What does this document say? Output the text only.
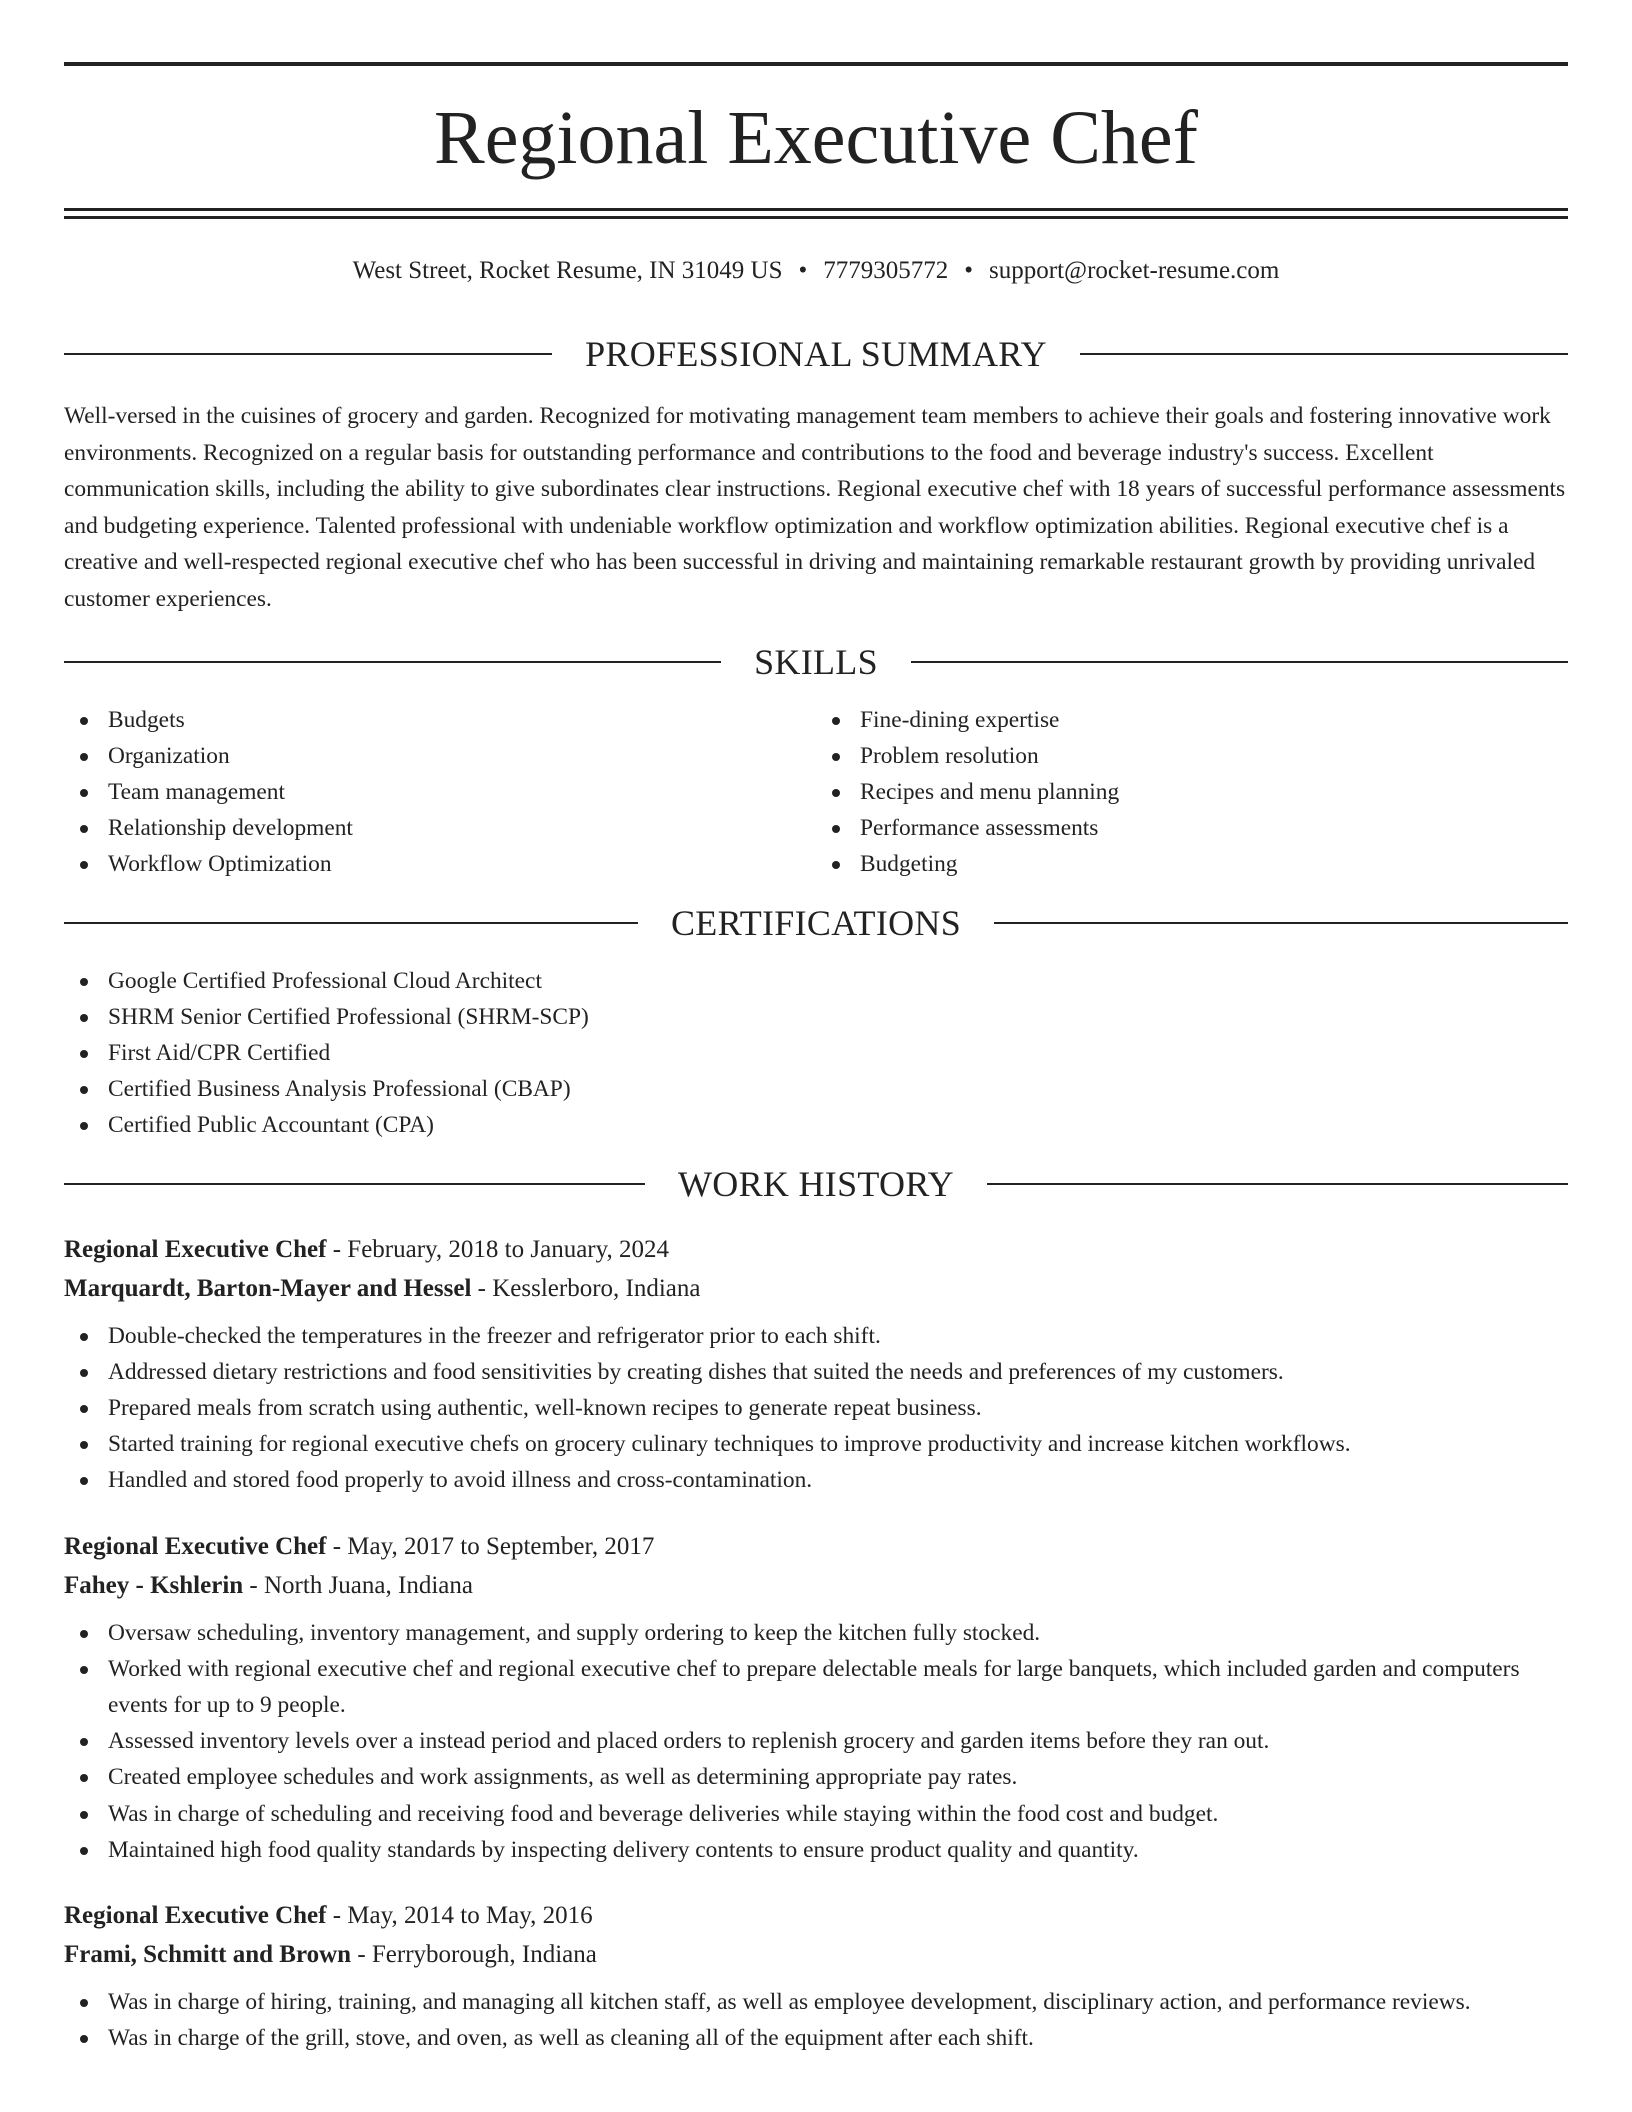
Regional Executive Chef
West Street, Rocket Resume, IN 31049 US • 7779305772 • support@rocket-resume.com
PROFESSIONAL SUMMARY

Well-versed in the cuisines of grocery and garden. Recognized for motivating management team members to achieve their goals and fostering innovative work environments. Recognized on a regular basis for outstanding performance and contributions to the food and beverage industry's success. Excellent communication skills, including the ability to give subordinates clear instructions. Regional executive chef with 18 years of successful performance assessments and budgeting experience. Talented professional with undeniable workflow optimization and workflow optimization abilities. Regional executive chef is a creative and well-respected regional executive chef who has been successful in driving and maintaining remarkable restaurant growth by providing unrivaled customer experiences.

SKILLS
Budgets
Organization
Team management
Relationship development
Workflow Optimization
Fine-dining expertise
Problem resolution
Recipes and menu planning
Performance assessments
Budgeting
CERTIFICATIONS
Google Certified Professional Cloud Architect
SHRM Senior Certified Professional (SHRM-SCP)
First Aid/CPR Certified
Certified Business Analysis Professional (CBAP)
Certified Public Accountant (CPA)
WORK HISTORY
Regional Executive Chef - February, 2018 to January, 2024
Marquardt, Barton-Mayer and Hessel - Kesslerboro, Indiana
Double-checked the temperatures in the freezer and refrigerator prior to each shift.
Addressed dietary restrictions and food sensitivities by creating dishes that suited the needs and preferences of my customers.
Prepared meals from scratch using authentic, well-known recipes to generate repeat business.
Started training for regional executive chefs on grocery culinary techniques to improve productivity and increase kitchen workflows.
Handled and stored food properly to avoid illness and cross-contamination.
Regional Executive Chef - May, 2017 to September, 2017
Fahey - Kshlerin - North Juana, Indiana
Oversaw scheduling, inventory management, and supply ordering to keep the kitchen fully stocked.
Worked with regional executive chef and regional executive chef to prepare delectable meals for large banquets, which included garden and computers events for up to 9 people.
Assessed inventory levels over a instead period and placed orders to replenish grocery and garden items before they ran out.
Created employee schedules and work assignments, as well as determining appropriate pay rates.
Was in charge of scheduling and receiving food and beverage deliveries while staying within the food cost and budget.
Maintained high food quality standards by inspecting delivery contents to ensure product quality and quantity.
Regional Executive Chef - May, 2014 to May, 2016
Frami, Schmitt and Brown - Ferryborough, Indiana
Was in charge of hiring, training, and managing all kitchen staff, as well as employee development, disciplinary action, and performance reviews.
Was in charge of the grill, stove, and oven, as well as cleaning all of the equipment after each shift.
